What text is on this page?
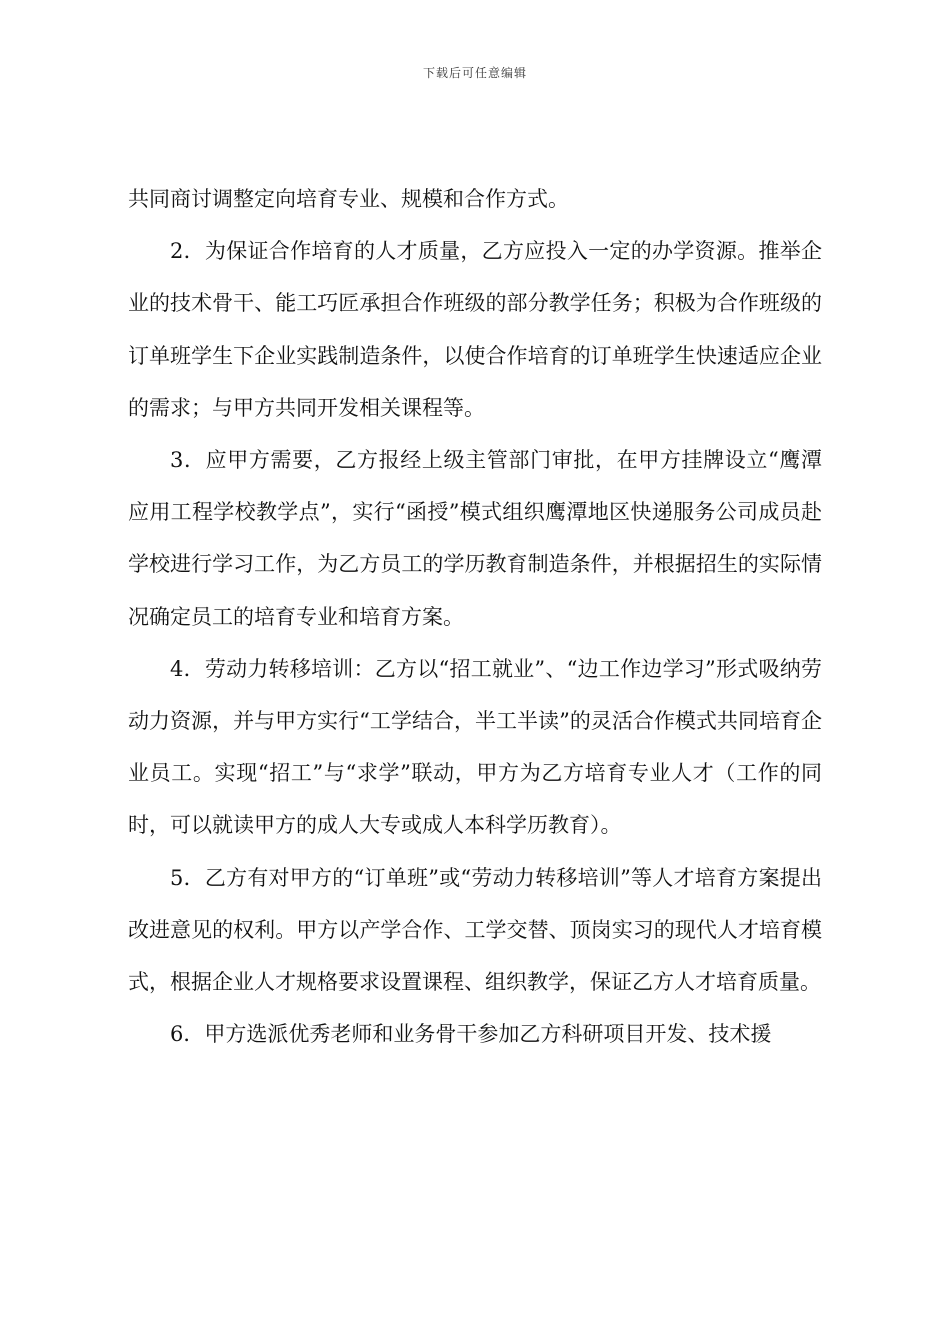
下载后可任意编辑

共同商讨调整定向培育专业、规模和合作方式。

2．为保证合作培育的人才质量，乙方应投入一定的办学资源。推举企业的技术骨干、能工巧匠承担合作班级的部分教学任务；积极为合作班级的订单班学生下企业实践制造条件，以使合作培育的订单班学生快速适应企业的需求；与甲方共同开发相关课程等。

3．应甲方需要，乙方报经上级主管部门审批，在甲方挂牌设立“鹰潭应用工程学校教学点”，实行“函授”模式组织鹰潭地区快递服务公司成员赴学校进行学习工作，为乙方员工的学历教育制造条件，并根据招生的实际情况确定员工的培育专业和培育方案。

4．劳动力转移培训：乙方以“招工就业”、“边工作边学习”形式吸纳劳动力资源，并与甲方实行“工学结合，半工半读”的灵活合作模式共同培育企业员工。实现“招工”与“求学”联动，甲方为乙方培育专业人才（工作的同时，可以就读甲方的成人大专或成人本科学历教育）。

5．乙方有对甲方的“订单班”或“劳动力转移培训”等人才培育方案提出改进意见的权利。甲方以产学合作、工学交替、顶岗实习的现代人才培育模式，根据企业人才规格要求设置课程、组织教学，保证乙方人才培育质量。

6．甲方选派优秀老师和业务骨干参加乙方科研项目开发、技术援
